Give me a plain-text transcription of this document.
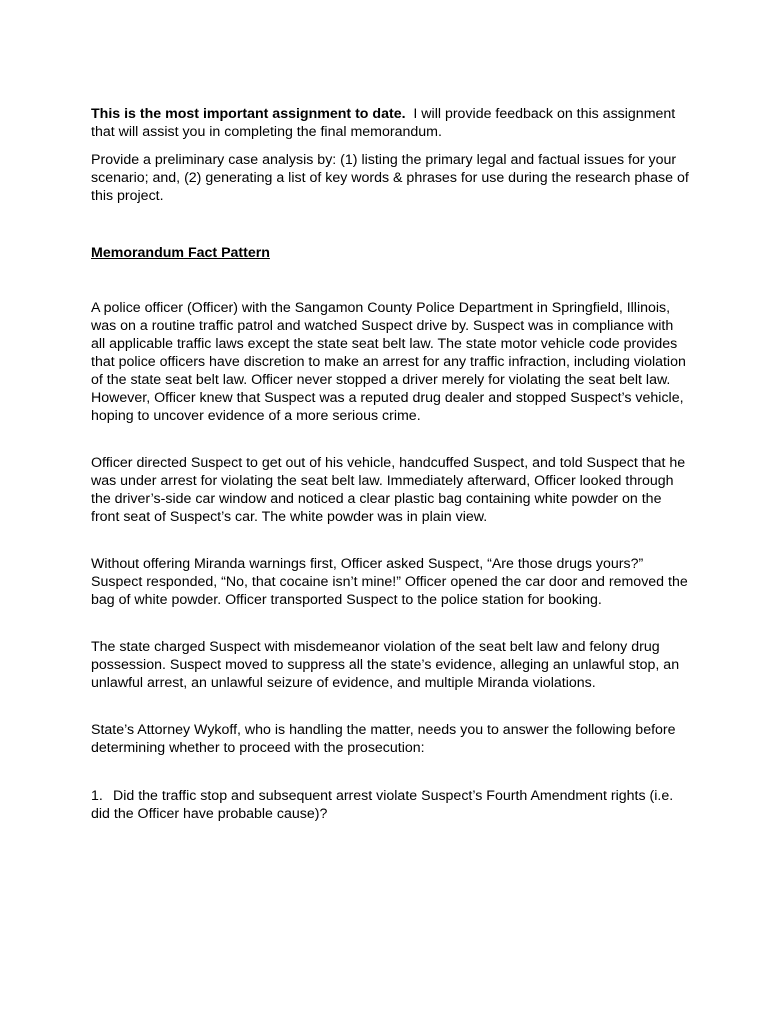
This is the most important assignment to date.  I will provide feedback on this assignment that will assist you in completing the final memorandum.

Provide a preliminary case analysis by: (1) listing the primary legal and factual issues for your scenario; and, (2) generating a list of key words & phrases for use during the research phase of this project.

Memorandum Fact Pattern

A police officer (Officer) with the Sangamon County Police Department in Springfield, Illinois, was on a routine traffic patrol and watched Suspect drive by. Suspect was in compliance with all applicable traffic laws except the state seat belt law. The state motor vehicle code provides that police officers have discretion to make an arrest for any traffic infraction, including violation of the state seat belt law. Officer never stopped a driver merely for violating the seat belt law. However, Officer knew that Suspect was a reputed drug dealer and stopped Suspect’s vehicle, hoping to uncover evidence of a more serious crime.

Officer directed Suspect to get out of his vehicle, handcuffed Suspect, and told Suspect that he was under arrest for violating the seat belt law. Immediately afterward, Officer looked through the driver’s-side car window and noticed a clear plastic bag containing white powder on the front seat of Suspect’s car. The white powder was in plain view.

Without offering Miranda warnings first, Officer asked Suspect, “Are those drugs yours?” Suspect responded, “No, that cocaine isn’t mine!” Officer opened the car door and removed the bag of white powder. Officer transported Suspect to the police station for booking.

The state charged Suspect with misdemeanor violation of the seat belt law and felony drug possession. Suspect moved to suppress all the state’s evidence, alleging an unlawful stop, an unlawful arrest, an unlawful seizure of evidence, and multiple Miranda violations.

State’s Attorney Wykoff, who is handling the matter, needs you to answer the following before determining whether to proceed with the prosecution:

1. Did the traffic stop and subsequent arrest violate Suspect’s Fourth Amendment rights (i.e. did the Officer have probable cause)?
